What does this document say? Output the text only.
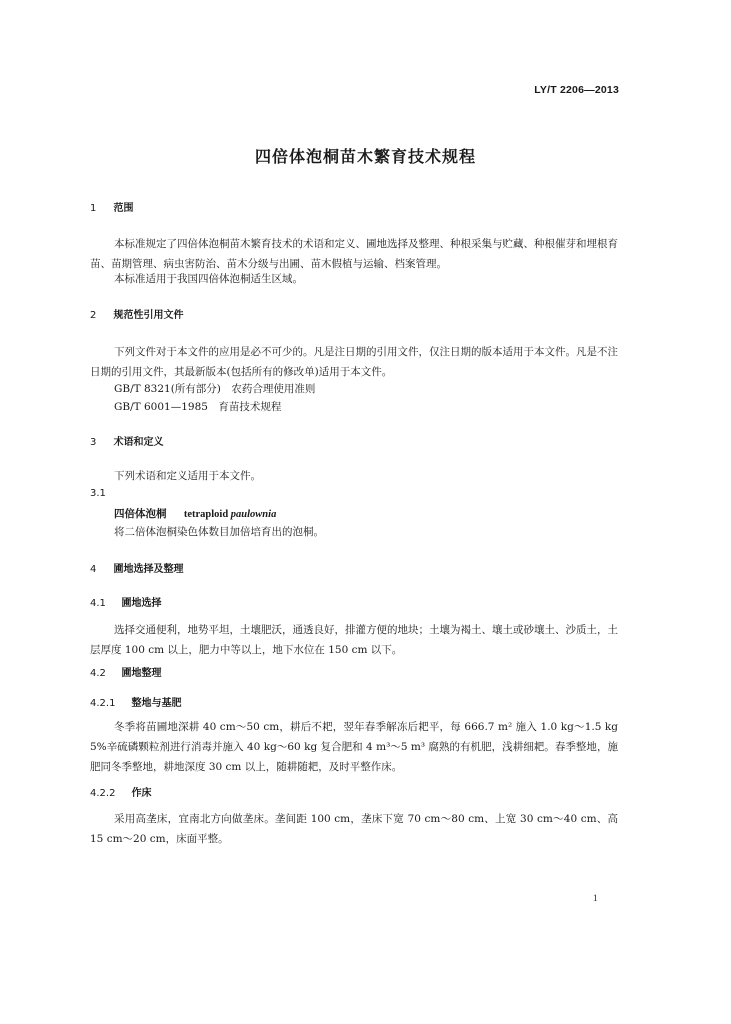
LY/T 2206—2013
四倍体泡桐苗木繁育技术规程
1 范围
本标准规定了四倍体泡桐苗木繁育技术的术语和定义、圃地选择及整理、种根采集与贮藏、种根催芽和埋根育苗、苗期管理、病虫害防治、苗木分级与出圃、苗木假植与运输、档案管理。
本标准适用于我国四倍体泡桐适生区域。
2 规范性引用文件
下列文件对于本文件的应用是必不可少的。凡是注日期的引用文件，仅注日期的版本适用于本文件。凡是不注日期的引用文件，其最新版本(包括所有的修改单)适用于本文件。
GB/T 8321(所有部分)　农药合理使用准则
GB/T 6001—1985　育苗技术规程
3 术语和定义
下列术语和定义适用于本文件。
3.1
四倍体泡桐 tetraploid paulownia
将二倍体泡桐染色体数目加倍培育出的泡桐。
4 圃地选择及整理
4.1 圃地选择
选择交通便利，地势平坦，土壤肥沃，通透良好，排灌方便的地块；土壤为褐土、壤土或砂壤土、沙质土，土层厚度 100 cm 以上，肥力中等以上，地下水位在 150 cm 以下。
4.2 圃地整理
4.2.1 整地与基肥
冬季将苗圃地深耕 40 cm～50 cm，耕后不耙，翌年春季解冻后耙平，每 666.7 m² 施入 1.0 kg～1.5 kg 5%辛硫磷颗粒剂进行消毒并施入 40 kg～60 kg 复合肥和 4 m³～5 m³ 腐熟的有机肥，浅耕细耙。春季整地，施肥同冬季整地，耕地深度 30 cm 以上，随耕随耙，及时平整作床。
4.2.2 作床
采用高垄床，宜南北方向做垄床。垄间距 100 cm，垄床下宽 70 cm～80 cm、上宽 30 cm～40 cm、高 15 cm～20 cm，床面平整。
1
